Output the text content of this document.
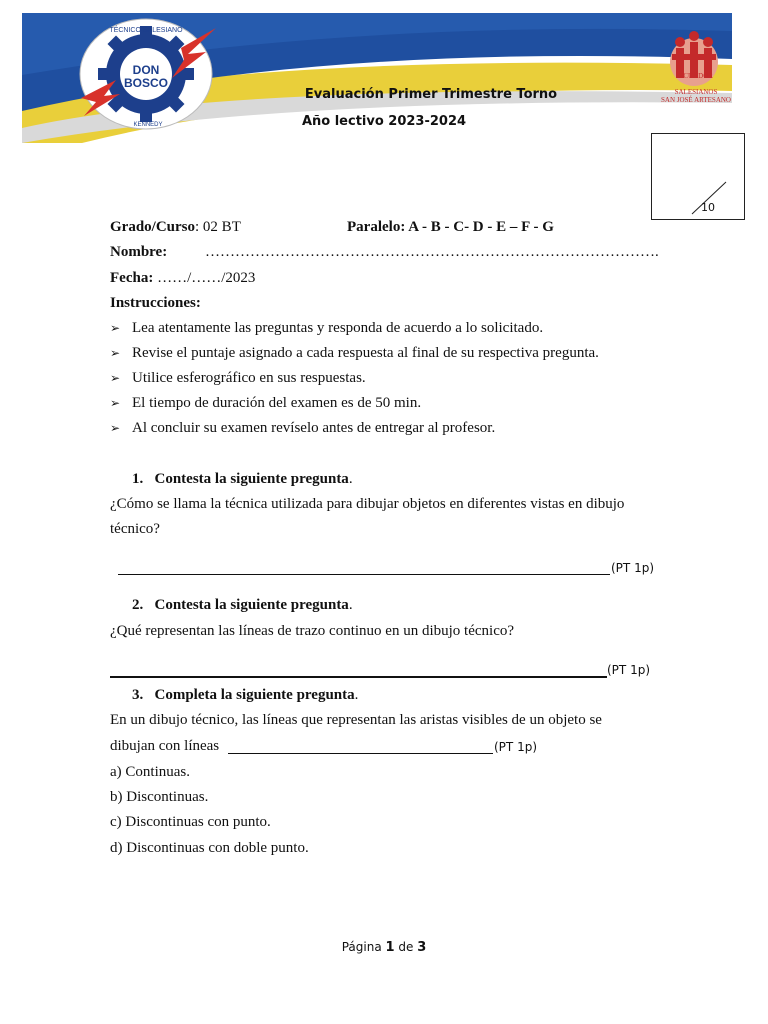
DON
BOSCO
TÉCNICO SALESIANO
KENNEDY
ECUADOR
SALESIANOS
SAN JOSÉ ARTESANO
Evaluación Primer Trimestre Torno
Año lectivo 2023-2024
10
Grado/Curso: 02 BT	Paralelo: A - B - C- D - E – F - G
Nombre:	……………………………………………………………………………….
Fecha: ……/……/2023
Instrucciones:
➢ Lea atentamente las preguntas y responda de acuerdo a lo solicitado.
➢ Revise el puntaje asignado a cada respuesta al final de su respectiva pregunta.
➢ Utilice esferográfico en sus respuestas.
➢ El tiempo de duración del examen es de 50 min.
➢ Al concluir su examen revíselo antes de entregar al profesor.
1. Contesta la siguiente pregunta.
¿Cómo se llama la técnica utilizada para dibujar objetos en diferentes vistas en dibujo
técnico?
(PT 1p)
2. Contesta la siguiente pregunta.
¿Qué representan las líneas de trazo continuo en un dibujo técnico?
(PT 1p)
3. Completa la siguiente pregunta.
En un dibujo técnico, las líneas que representan las aristas visibles de un objeto se
dibujan con líneas	(PT 1p)
a) Continuas.
b) Discontinuas.
c) Discontinuas con punto.
d) Discontinuas con doble punto.
Página 1 de 3
